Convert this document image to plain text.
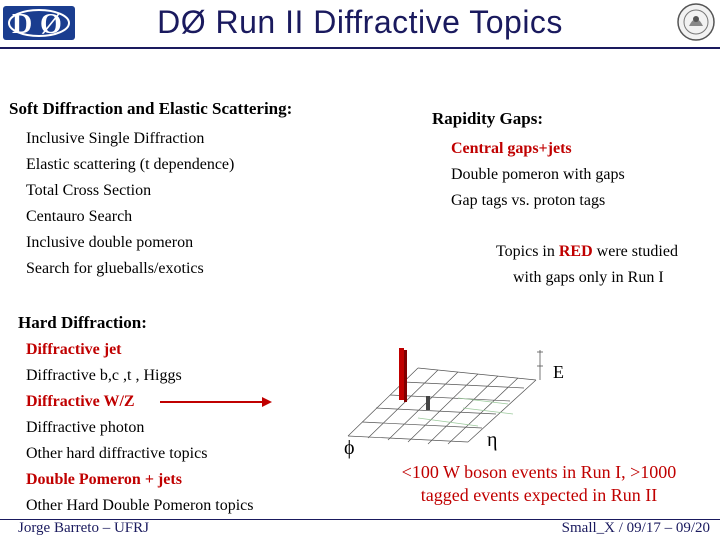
D Ø	DØ Run II Diffractive Topics
Soft Diffraction and Elastic Scattering:
Inclusive Single Diffraction
Elastic scattering (t dependence)
Total Cross Section
Centauro Search
Inclusive double pomeron
Search for glueballs/exotics
Rapidity Gaps:
Central gaps+jets
Double pomeron with gaps
Gap tags vs. proton tags
Topics in RED were studied
with gaps only in Run I
Hard Diffraction:
Diffractive jet
Diffractive b,c ,t , Higgs
Diffractive W/Z
Diffractive photon
Other hard diffractive topics
Double Pomeron + jets
Other Hard Double Pomeron topics
E
ϕ	η
<100 W boson events in Run I, >1000
tagged events expected in Run II
Jorge Barreto – UFRJ	Small_X / 09/17 – 09/20
